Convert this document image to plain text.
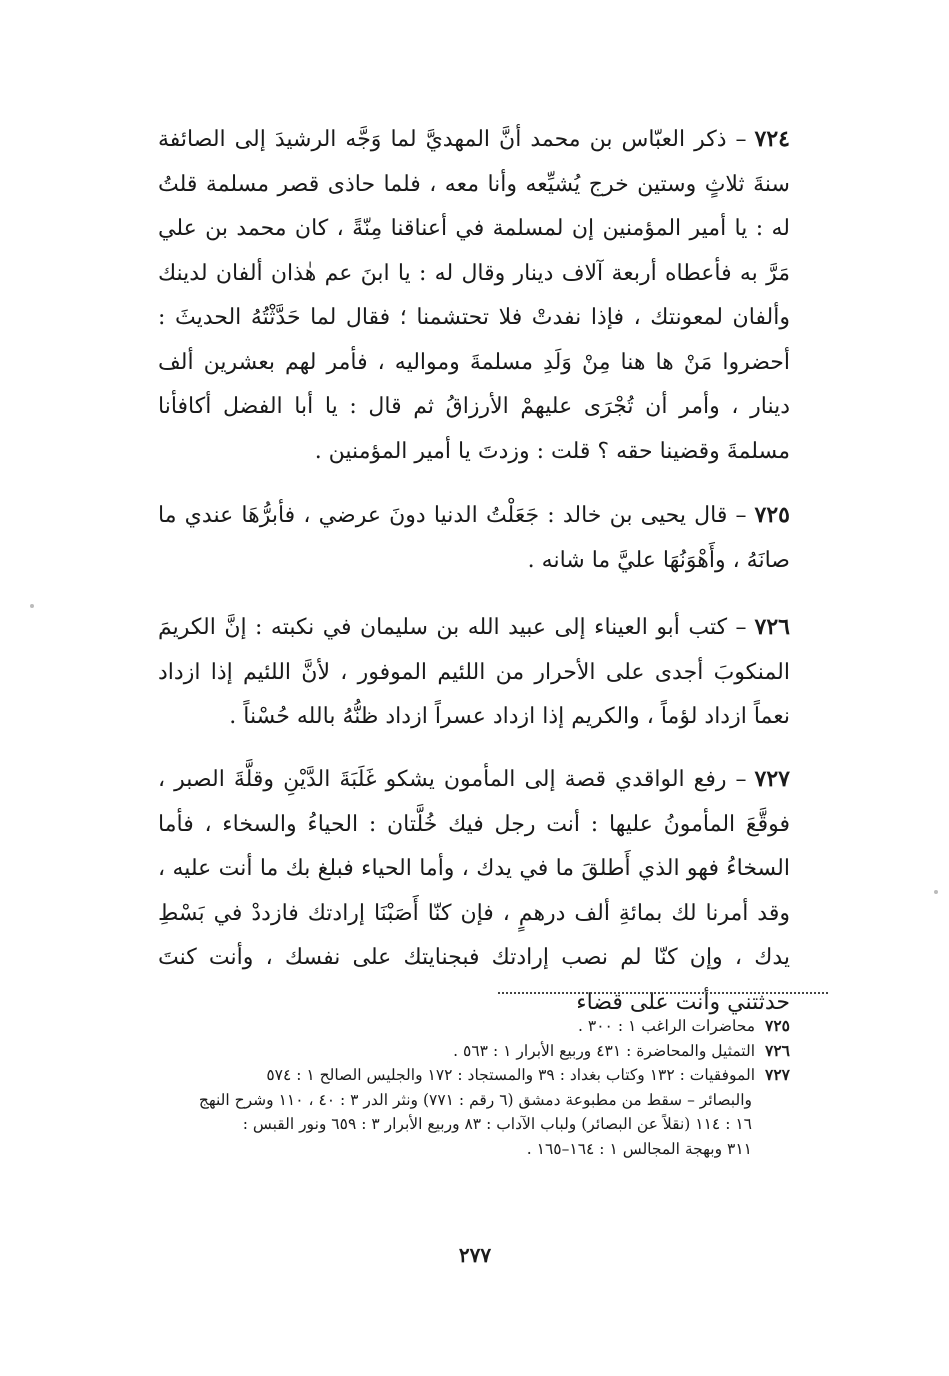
٧٢٤– ذكر العبّاس بن محمد أنَّ المهديَّ لما وَجَّه الرشيدَ إلى الصائفة سنةَ ثلاثٍ وستين خرج يُشيِّعه وأنا معه ، فلما حاذى قصر مسلمة قلتُ له : يا أمير المؤمنين إن لمسلمة في أعناقنا مِنّةً ، كان محمد بن علي مَرَّ به فأعطاه أربعة آلاف دينار وقال له : يا ابنَ عم هٰذان ألفان لدينك وألفان لمعونتك ، فإذا نفدتْ فلا تحتشمنا ؛ فقال لما حَدَّثْتُهُ الحديثَ : أحضروا مَنْ ها هنا مِنْ وَلَدِ مسلمةَ ومواليه ، فأمر لهم بعشرين ألف دينار ، وأمر أن تُجْرَى عليهمْ الأرزاقُ ثم قال : يا أبا الفضل أكافأنا مسلمةَ وقضينا حقه ؟ قلت : وزدتَ يا أمير المؤمنين .

٧٢٥– قال يحيى بن خالد : جَعَلْتُ الدنيا دونَ عرضي ، فأبرُّهَا عندي ما صانَهُ ، وأَهْوَنُهَا عليَّ ما شانه .

٧٢٦– كتب أبو العيناء إلى عبيد الله بن سليمان في نكبته : إنَّ الكريمَ المنكوبَ أجدى على الأحرار من اللئيم الموفور ، لأنَّ اللئيم إذا ازداد نعماً ازداد لؤماً ، والكريم إذا ازداد عسراً ازداد ظنُّهُ بالله حُسْناً .

٧٢٧– رفع الواقدي قصة إلى المأمون يشكو غَلَبَةَ الدَّيْنِ وقلَّةَ الصبر ، فوقَّعَ المأمونُ عليها : أنت رجل فيك خُلَّتان : الحياءُ والسخاء ، فأما السخاءُ فهو الذي أَطلقَ ما في يدك ، وأما الحياء فبلغ بك ما أنت عليه ، وقد أمرنا لك بمائةِ ألف درهمٍ ، فإن كنّا أَصَبْنَا إرادتك فازددْ في بَسْطِ يدك ، وإن كنّا لم نصب إرادتك فبجنايتك على نفسك ، وأنت كنتَ حدثتني وأنت على قضاء

٧٢٥محاضرات الراغب ١ : ٣٠٠ .

٧٢٦التمثيل والمحاضرة : ٤٣١ وربيع الأبرار ١ : ٥٦٣ .

٧٢٧الموفقيات : ١٣٢ وكتاب بغداد : ٣٩ والمستجاد : ١٧٢ والجليس الصالح ١ : ٥٧٤

والبصائر – سقط من مطبوعة دمشق (٦ رقم : ٧٧١) ونثر الدر ٣ : ٤٠ ، ١١٠ وشرح النهج

١٦ : ١١٤ (نقلاً عن البصائر) ولباب الآداب : ٨٣ وربيع الأبرار ٣ : ٦٥٩ ونور القبس :

٣١١ وبهجة المجالس ١ : ١٦٤–١٦٥ .

٢٧٧
